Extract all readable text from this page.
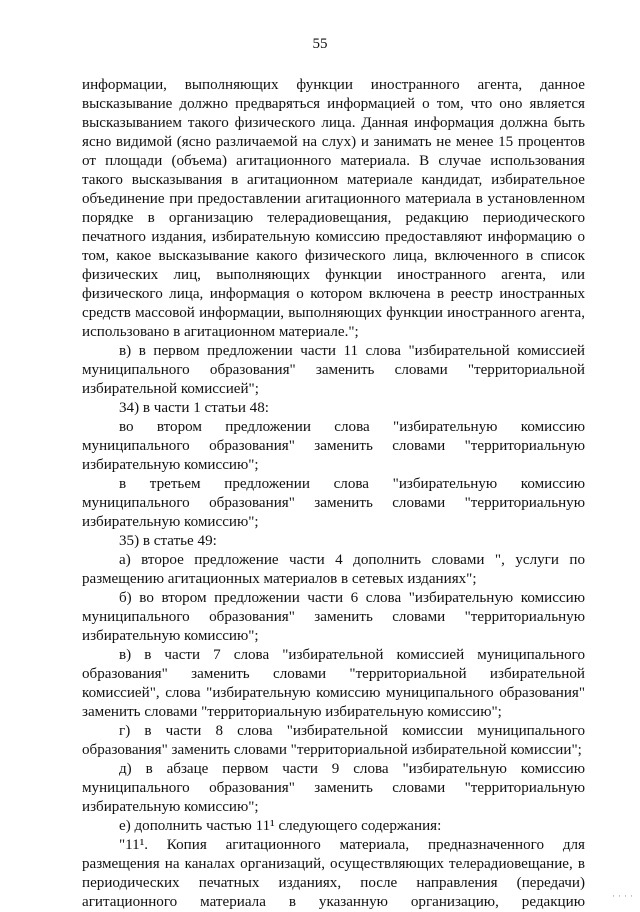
55
информации, выполняющих функции иностранного агента, данное
высказывание должно предваряться информацией о том, что оно является
высказыванием такого физического лица. Данная информация должна быть
ясно видимой (ясно различаемой на слух) и занимать не менее 15 процентов
от площади (объема) агитационного материала. В случае использования
такого высказывания в агитационном материале кандидат, избирательное
объединение при предоставлении агитационного материала в установленном
порядке в организацию телерадиовещания, редакцию периодического
печатного издания, избирательную комиссию предоставляют информацию о
том, какое высказывание какого физического лица, включенного в список
физических лиц, выполняющих функции иностранного агента, или
физического лица, информация о котором включена в реестр иностранных
средств массовой информации, выполняющих функции иностранного агента,
использовано в агитационном материале.";
в) в первом предложении части 11 слова "избирательной комиссией
муниципального образования" заменить словами "территориальной
избирательной комиссией";
34) в части 1 статьи 48:
во втором предложении слова "избирательную комиссию
муниципального образования" заменить словами "территориальную
избирательную комиссию";
в третьем предложении слова "избирательную комиссию
муниципального образования" заменить словами "территориальную
избирательную комиссию";
35) в статье 49:
а) второе предложение части 4 дополнить словами ", услуги по
размещению агитационных материалов в сетевых изданиях";
б) во втором предложении части 6 слова "избирательную комиссию
муниципального образования" заменить словами "территориальную
избирательную комиссию";
в) в части 7 слова "избирательной комиссией муниципального
образования" заменить словами "территориальной избирательной
комиссией", слова "избирательную комиссию муниципального образования"
заменить словами "территориальную избирательную комиссию";
г) в части 8 слова "избирательной комиссии муниципального
образования" заменить словами "территориальной избирательной комиссии";
д) в абзаце первом части 9 слова "избирательную комиссию
муниципального образования" заменить словами "территориальную
избирательную комиссию";
е) дополнить частью 11¹ следующего содержания:
"11¹. Копия агитационного материала, предназначенного для
размещения на каналах организаций, осуществляющих телерадиовещание, в
периодических печатных изданиях, после направления (передачи)
агитационного материала в указанную организацию, редакцию	····
